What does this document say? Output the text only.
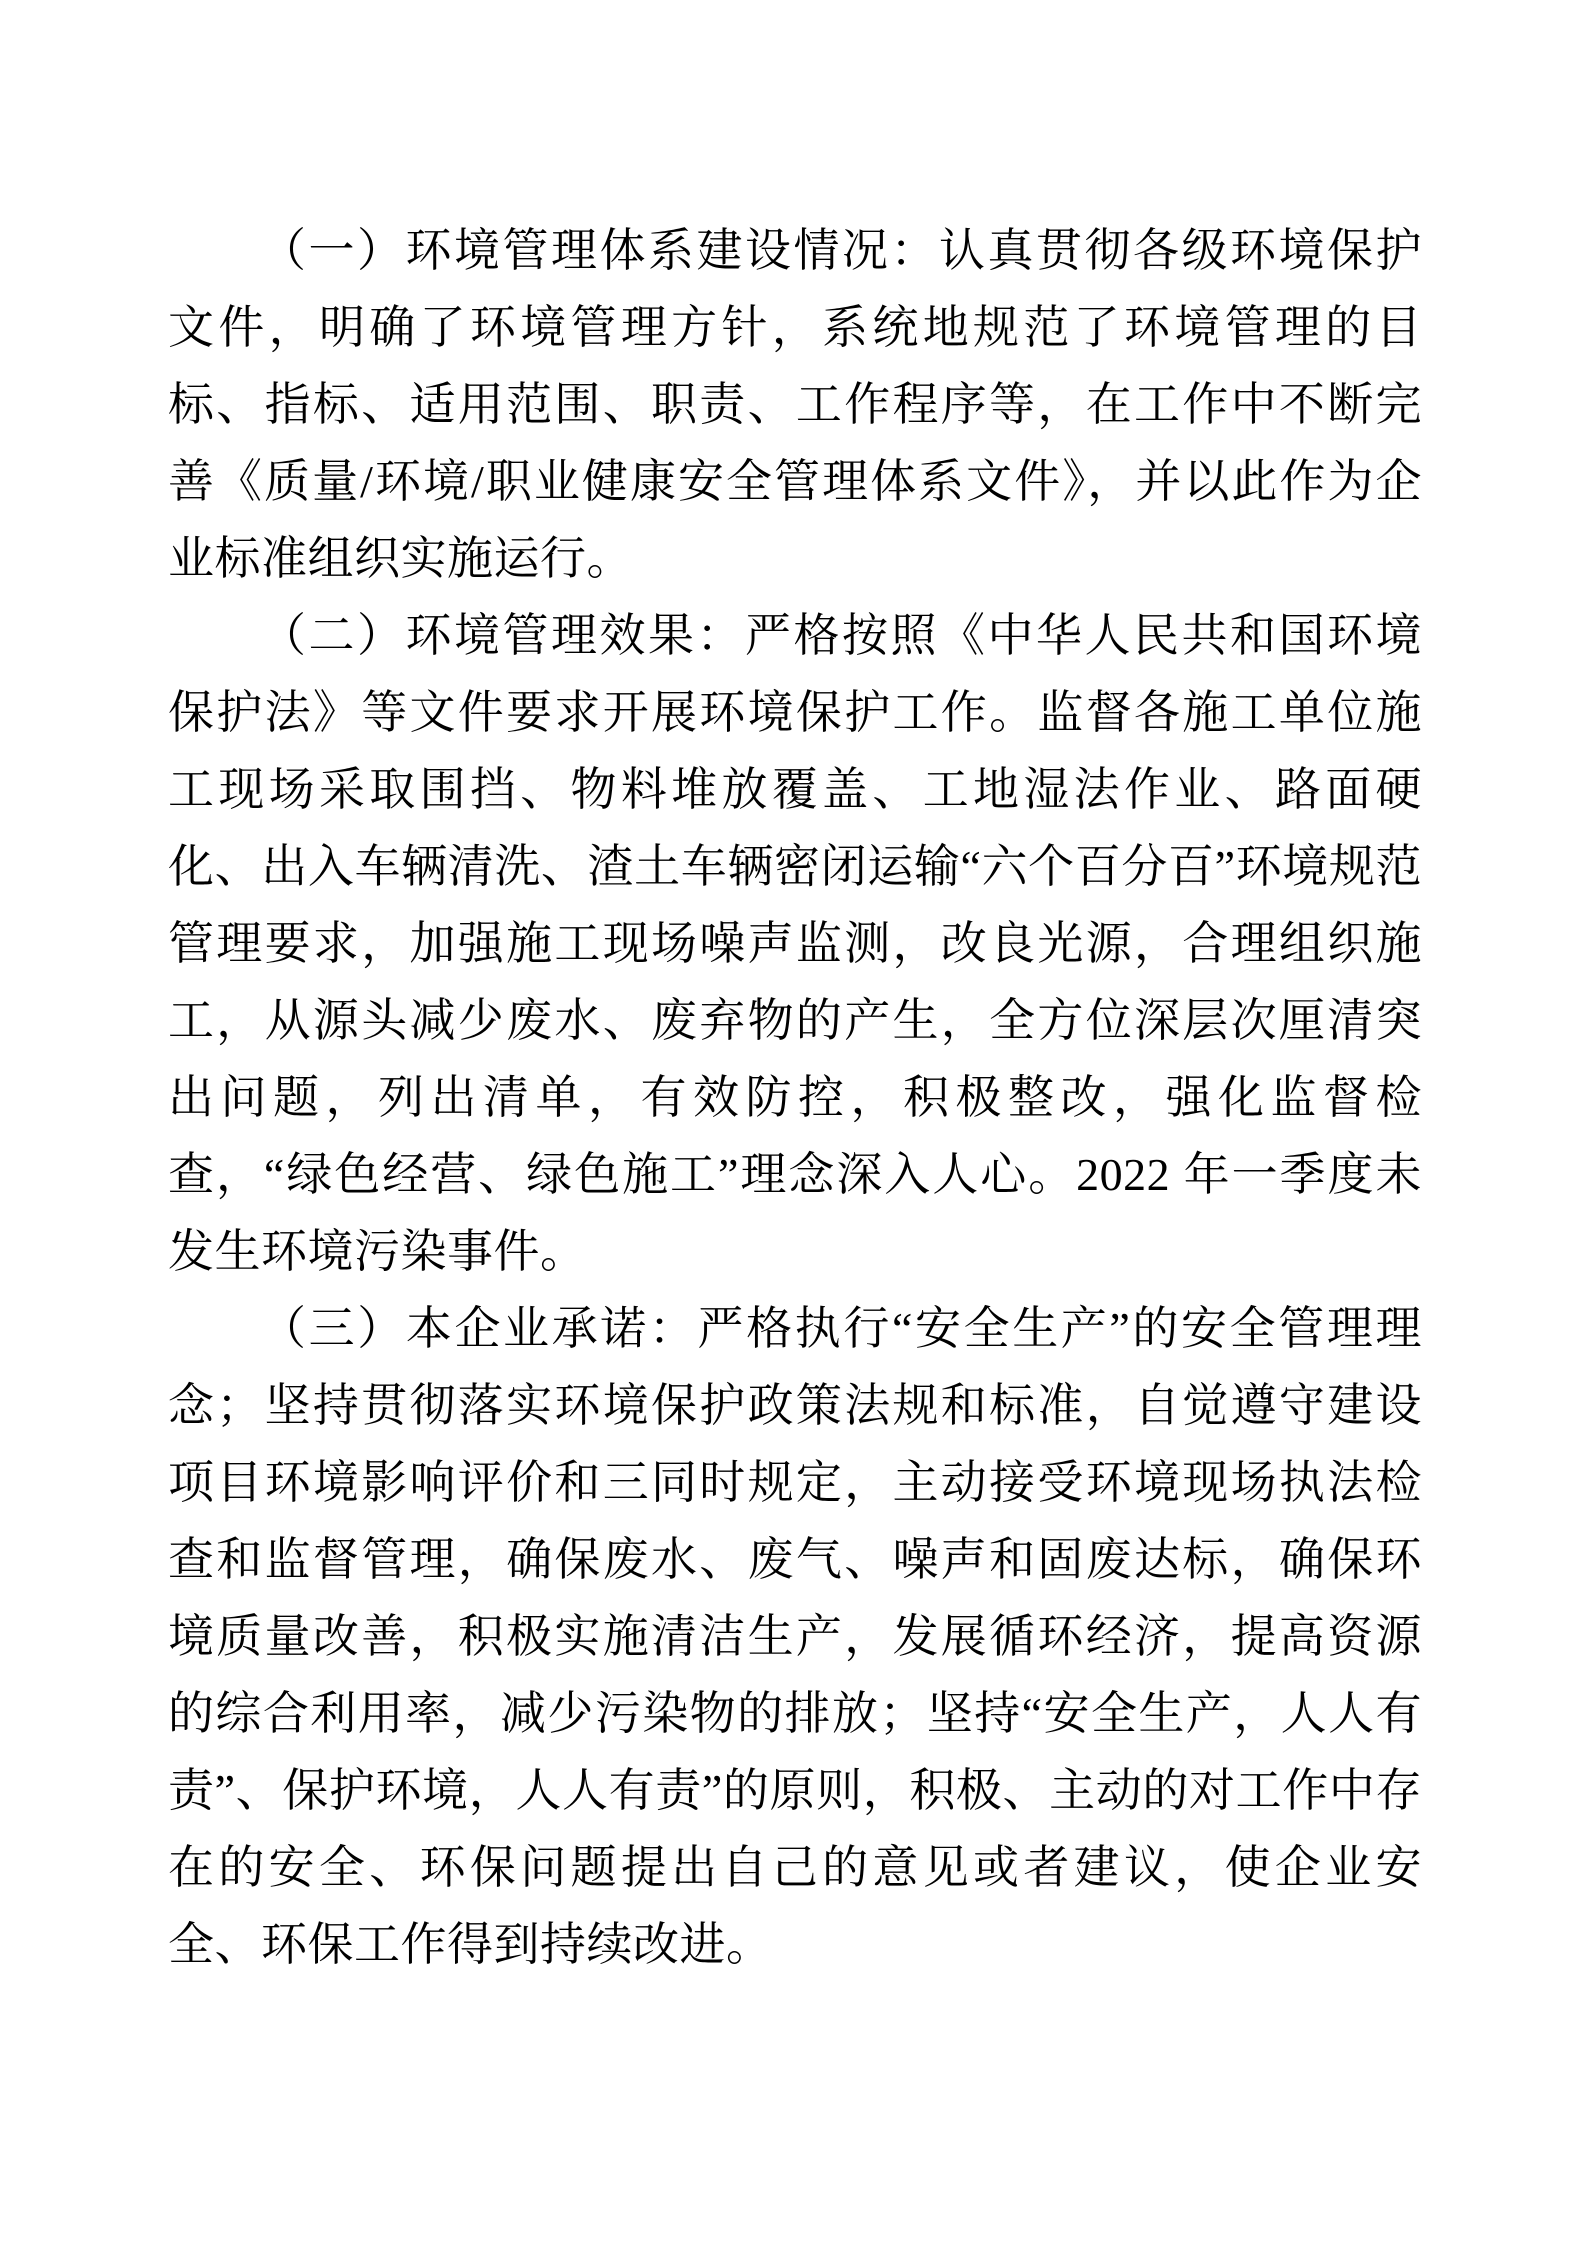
（一）环境管理体系建设情况：认真贯彻各级环境保护文件，明确了环境管理方针，系统地规范了环境管理的目标、指标、适用范围、职责、工作程序等，在工作中不断完善《质量/环境/职业健康安全管理体系文件》，并以此作为企业标准组织实施运行。

（二）环境管理效果：严格按照《中华人民共和国环境保护法》等文件要求开展环境保护工作。监督各施工单位施工现场采取围挡、物料堆放覆盖、工地湿法作业、路面硬化、出入车辆清洗、渣土车辆密闭运输“六个百分百”环境规范管理要求，加强施工现场噪声监测，改良光源，合理组织施工，从源头减少废水、废弃物的产生，全方位深层次厘清突出问题，列出清单，有效防控，积极整改，强化监督检查，“绿色经营、绿色施工”理念深入人心。2022 年一季度未发生环境污染事件。

（三）本企业承诺：严格执行“安全生产”的安全管理理念；坚持贯彻落实环境保护政策法规和标准，自觉遵守建设项目环境影响评价和三同时规定，主动接受环境现场执法检查和监督管理，确保废水、废气、噪声和固废达标，确保环境质量改善，积极实施清洁生产，发展循环经济，提高资源的综合利用率，减少污染物的排放；坚持“安全生产，人人有责”、保护环境，人人有责”的原则，积极、主动的对工作中存在的安全、环保问题提出自己的意见或者建议，使企业安全、环保工作得到持续改进。
